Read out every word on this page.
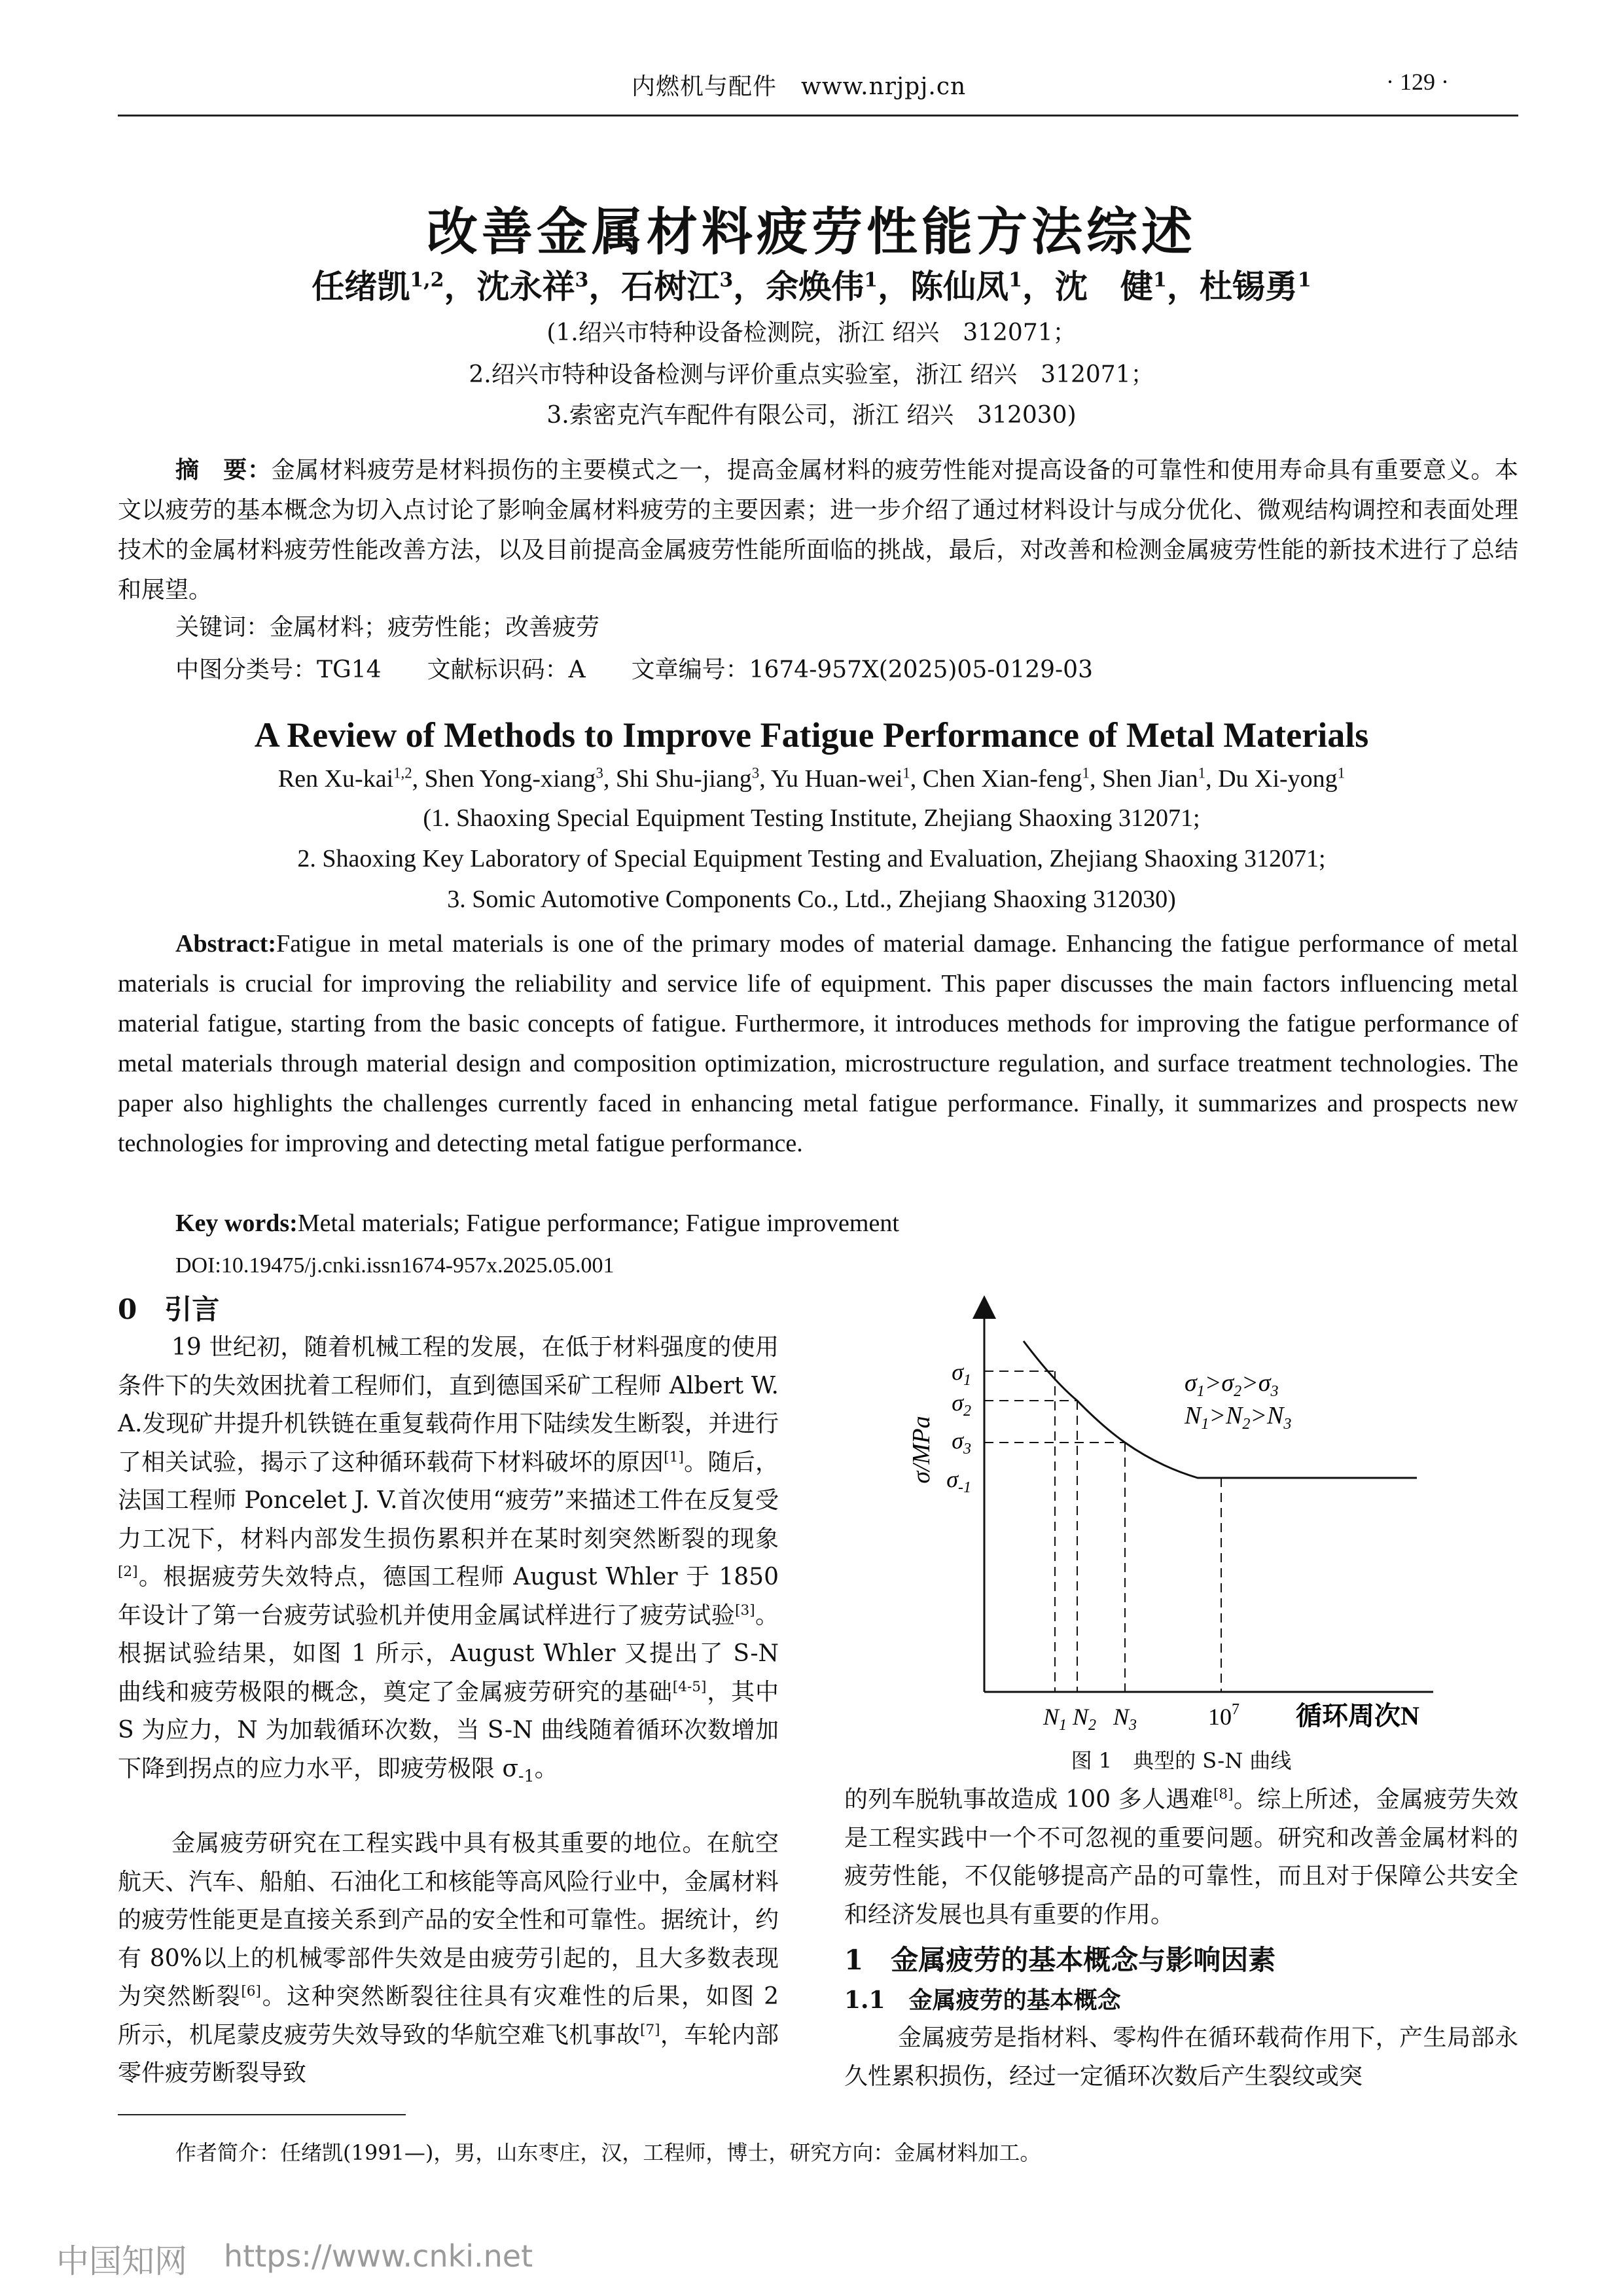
内燃机与配件　www.nrjpj.cn	· 129 ·
改善金属材料疲劳性能方法综述
任绪凯$^{1,2}$，沈永祥$^3$，石树江$^3$，余焕伟$^1$，陈仙凤$^1$，沈　健$^1$，杜锡勇$^1$
(1.绍兴市特种设备检测院，浙江 绍兴　312071；
2.绍兴市特种设备检测与评价重点实验室，浙江 绍兴　312071；
3.索密克汽车配件有限公司，浙江 绍兴　312030)
摘　要：金属材料疲劳是材料损伤的主要模式之一，提高金属材料的疲劳性能对提高设备的可靠性和使用寿命具有重要意义。本文以疲劳的基本概念为切入点讨论了影响金属材料疲劳的主要因素；进一步介绍了通过材料设计与成分优化、微观结构调控和表面处理技术的金属材料疲劳性能改善方法，以及目前提高金属疲劳性能所面临的挑战，最后，对改善和检测金属疲劳性能的新技术进行了总结和展望。
关键词：金属材料；疲劳性能；改善疲劳
中图分类号：TG14 文献标识码：A 文章编号：1674-957X(2025)05-0129-03
A Review of Methods to Improve Fatigue Performance of Metal Materials
Ren Xu-kai$^{1,2}$, Shen Yong-xiang$^3$, Shi Shu-jiang$^3$, Yu Huan-wei$^1$, Chen Xian-feng$^1$, Shen Jian$^1$, Du Xi-yong$^1$
(1. Shaoxing Special Equipment Testing Institute, Zhejiang Shaoxing 312071;
2. Shaoxing Key Laboratory of Special Equipment Testing and Evaluation, Zhejiang Shaoxing 312071;
3. Somic Automotive Components Co., Ltd., Zhejiang Shaoxing 312030)
Abstract:Fatigue in metal materials is one of the primary modes of material damage. Enhancing the fatigue performance of metal materials is crucial for improving the reliability and service life of equipment. This paper discusses the main factors influencing metal material fatigue, starting from the basic concepts of fatigue. Furthermore, it introduces methods for improving the fatigue performance of metal materials through material design and composition optimization, microstructure regulation, and surface treatment technologies. The paper also highlights the challenges currently faced in enhancing metal fatigue performance. Finally, it summarizes and prospects new technologies for improving and detecting metal fatigue performance.
Key words:Metal materials; Fatigue performance; Fatigue improvement
DOI:10.19475/j.cnki.issn1674-957x.2025.05.001
0　 引言
19 世纪初，随着机械工程的发展，在低于材料强度的使用条件下的失效困扰着工程师们，直到德国采矿工程师 Albert W. A.发现矿井提升机铁链在重复载荷作用下陆续发生断裂，并进行了相关试验，揭示了这种循环载荷下材料破坏的原因[1]。随后，法国工程师 Poncelet J. V.首次使用“疲劳”来描述工件在反复受力工况下，材料内部发生损伤累积并在某时刻突然断裂的现象[2]。根据疲劳失效特点，德国工程师 August Whler 于 1850 年设计了第一台疲劳试验机并使用金属试样进行了疲劳试验[3]。根据试验结果，如图 1 所示，August Whler 又提出了 S-N 曲线和疲劳极限的概念，奠定了金属疲劳研究的基础[4-5]，其中 S 为应力，N 为加载循环次数，当 S-N 曲线随着循环次数增加下降到拐点的应力水平，即疲劳极限 $\sigma_{-1}$。
金属疲劳研究在工程实践中具有极其重要的地位。在航空航天、汽车、船舶、石油化工和核能等高风险行业中，金属材料的疲劳性能更是直接关系到产品的安全性和可靠性。据统计，约有 80%以上的机械零部件失效是由疲劳引起的，且大多数表现为突然断裂[6]。这种突然断裂往往具有灾难性的后果，如图 2 所示，机尾蒙皮疲劳失效导致的华航空难飞机事故[7]，车轮内部零件疲劳断裂导致
σ/MPa
$\sigma_1$
$\sigma_2$
$\sigma_3$
$\sigma_{-1}$
$N_1$ $N_2$ $N_3$	$10^7$ 循环周次N
$\sigma_1>\sigma_2>\sigma_3$
$N_1>N_2>N_3$
图 1　典型的 S-N 曲线
的列车脱轨事故造成 100 多人遇难[8]。综上所述，金属疲劳失效是工程实践中一个不可忽视的重要问题。研究和改善金属材料的疲劳性能，不仅能够提高产品的可靠性，而且对于保障公共安全和经济发展也具有重要的作用。
1　 金属疲劳的基本概念与影响因素
1.1　 金属疲劳的基本概念
金属疲劳是指材料、零构件在循环载荷作用下，产生局部永久性累积损伤，经过一定循环次数后产生裂纹或突
作者简介：任绪凯(1991—)，男，山东枣庄，汉，工程师，博士，研究方向：金属材料加工。
中国知网 https://www.cnki.net
